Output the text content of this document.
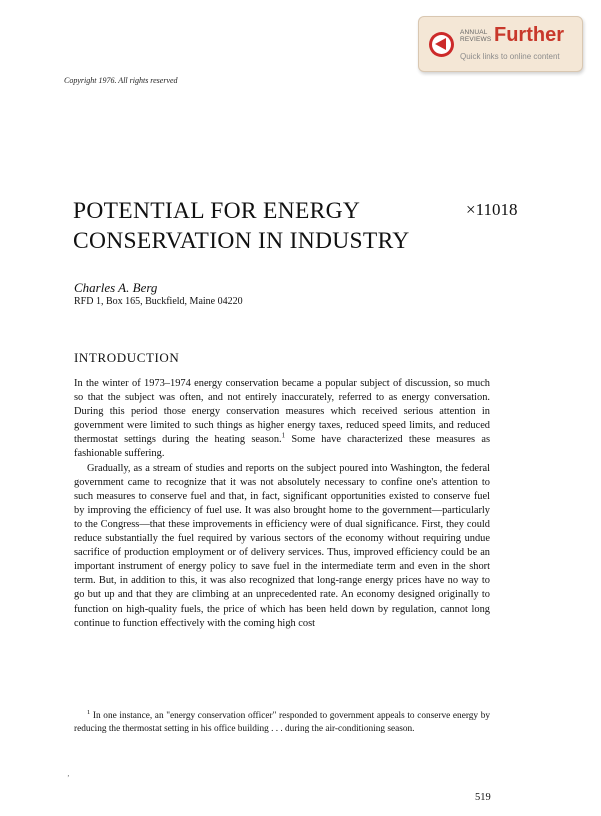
ANNUAL
REVIEWS Further
Quick links to online content
Copyright 1976. All rights reserved
POTENTIAL FOR ENERGY CONSERVATION IN INDUSTRY
×11018
Charles A. Berg
RFD 1, Box 165, Buckfield, Maine 04220
INTRODUCTION

In the winter of 1973–1974 energy conservation became a popular subject of discussion, so much so that the subject was often, and not entirely inaccurately, referred to as energy conversation. During this period those energy conservation measures which received serious attention in government were limited to such things as higher energy taxes, reduced speed limits, and reduced thermostat settings during the heating season.$^1$ Some have characterized these measures as fashionable suffering.

Gradually, as a stream of studies and reports on the subject poured into Washington, the federal government came to recognize that it was not absolutely necessary to confine one's attention to such measures to conserve fuel and that, in fact, significant opportunities existed to conserve fuel by improving the efficiency of fuel use. It was also brought home to the government—particularly to the Congress—that these improvements in efficiency were of dual significance. First, they could reduce substantially the fuel required by various sectors of the economy without requiring undue sacrifice of production employment or of delivery services. Thus, improved efficiency could be an important instrument of energy policy to save fuel in the intermediate term and even in the short term. But, in addition to this, it was also recognized that long-range energy prices have no way to go but up and that they are climbing at an unprecedented rate. An economy designed originally to function on high-quality fuels, the price of which has been held down by regulation, cannot long continue to function effectively with the coming high cost

$^1$ In one instance, an "energy conservation officer" responded to government appeals to conserve energy by reducing the thermostat setting in his office building . . . during the air-conditioning season.

‚
519
